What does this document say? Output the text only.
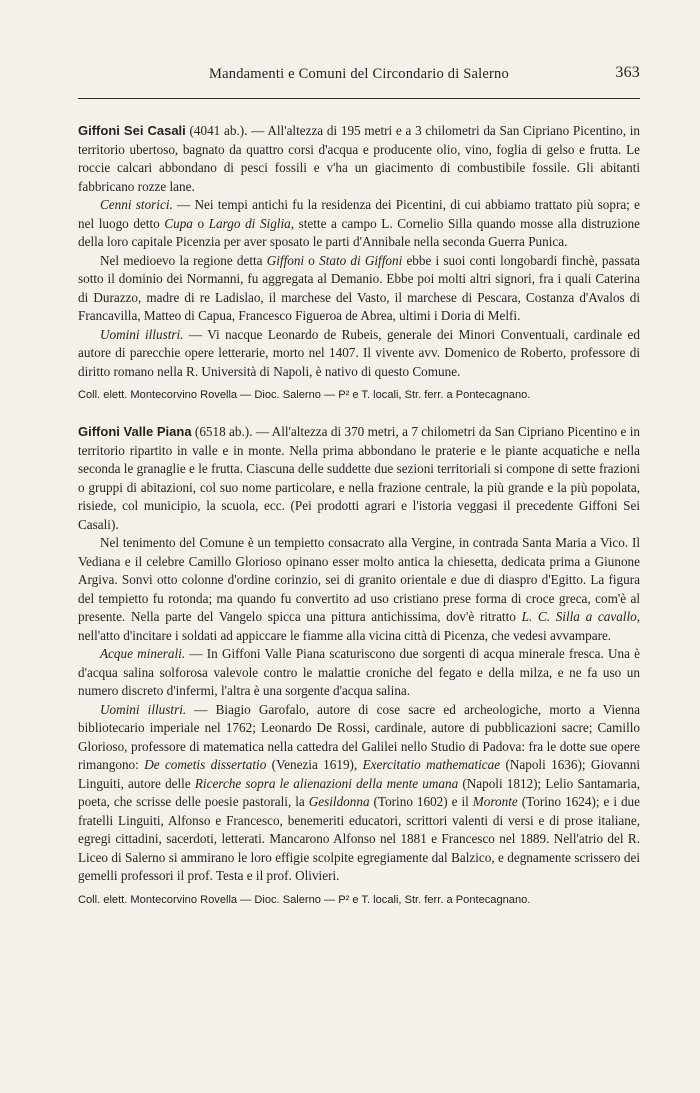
Mandamenti e Comuni del Circondario di Salerno	363

Giffoni Sei Casali (4041 ab.). — All'altezza di 195 metri e a 3 chilometri da San Cipriano Picentino, in territorio ubertoso, bagnato da quattro corsi d'acqua e producente olio, vino, foglia di gelso e frutta. Le roccie calcari abbondano di pesci fossili e v'ha un giacimento di combustibile fossile. Gli abitanti fabbricano rozze lane.

Cenni storici. — Nei tempi antichi fu la residenza dei Picentini, di cui abbiamo trattato più sopra; e nel luogo detto Cupa o Largo di Siglia, stette a campo L. Cornelio Silla quando mosse alla distruzione della loro capitale Picenzia per aver sposato le parti d'Annibale nella seconda Guerra Punica.

Nel medioevo la regione detta Giffoni o Stato di Giffoni ebbe i suoi conti longobardi finchè, passata sotto il dominio dei Normanni, fu aggregata al Demanio. Ebbe poi molti altri signori, fra i quali Caterina di Durazzo, madre di re Ladislao, il marchese del Vasto, il marchese di Pescara, Costanza d'Avalos di Francavilla, Matteo di Capua, Francesco Figueroa de Abrea, ultimi i Doria di Melfi.

Uomini illustri. — Vi nacque Leonardo de Rubeis, generale dei Minori Conventuali, cardinale ed autore di parecchie opere letterarie, morto nel 1407. Il vivente avv. Domenico de Roberto, professore di diritto romano nella R. Università di Napoli, è nativo di questo Comune.

Coll. elett. Montecorvino Rovella — Dioc. Salerno — P² e T. locali, Str. ferr. a Pontecagnano.

Giffoni Valle Piana (6518 ab.). — All'altezza di 370 metri, a 7 chilometri da San Cipriano Picentino e in territorio ripartito in valle e in monte. Nella prima abbondano le praterie e le piante acquatiche e nella seconda le granaglie e le frutta. Ciascuna delle suddette due sezioni territoriali si compone di sette frazioni o gruppi di abitazioni, col suo nome particolare, e nella frazione centrale, la più grande e la più popolata, risiede, col municipio, la scuola, ecc. (Pei prodotti agrari e l'istoria veggasi il precedente Giffoni Sei Casali).

Nel tenimento del Comune è un tempietto consacrato alla Vergine, in contrada Santa Maria a Vico. Il Vediana e il celebre Camillo Glorioso opinano esser molto antica la chiesetta, dedicata prima a Giunone Argiva. Sonvi otto colonne d'ordine corinzio, sei di granito orientale e due di diaspro d'Egitto. La figura del tempietto fu rotonda; ma quando fu convertito ad uso cristiano prese forma di croce greca, com'è al presente. Nella parte del Vangelo spicca una pittura antichissima, dov'è ritratto L. C. Silla a cavallo, nell'atto d'incitare i soldati ad appiccare le fiamme alla vicina città di Picenza, che vedesi avvampare.

Acque minerali. — In Giffoni Valle Piana scaturiscono due sorgenti di acqua minerale fresca. Una è d'acqua salina solforosa valevole contro le malattie croniche del fegato e della milza, e ne fa uso un numero discreto d'infermi, l'altra è una sorgente d'acqua salina.

Uomini illustri. — Biagio Garofalo, autore di cose sacre ed archeologiche, morto a Vienna bibliotecario imperiale nel 1762; Leonardo De Rossi, cardinale, autore di pubblicazioni sacre; Camillo Glorioso, professore di matematica nella cattedra del Galilei nello Studio di Padova: fra le dotte sue opere rimangono: De cometis dissertatio (Venezia 1619), Exercitatio mathematicae (Napoli 1636); Giovanni Linguiti, autore delle Ricerche sopra le alienazioni della mente umana (Napoli 1812); Lelio Santamaria, poeta, che scrisse delle poesie pastorali, la Gesildonna (Torino 1602) e il Moronte (Torino 1624); e i due fratelli Linguiti, Alfonso e Francesco, benemeriti educatori, scrittori valenti di versi e di prose italiane, egregi cittadini, sacerdoti, letterati. Mancarono Alfonso nel 1881 e Francesco nel 1889. Nell'atrio del R. Liceo di Salerno si ammirano le loro effigie scolpite egregiamente dal Balzico, e degnamente scrissero dei gemelli professori il prof. Testa e il prof. Olivieri.

Coll. elett. Montecorvino Rovella — Dioc. Salerno — P² e T. locali, Str. ferr. a Pontecagnano.
